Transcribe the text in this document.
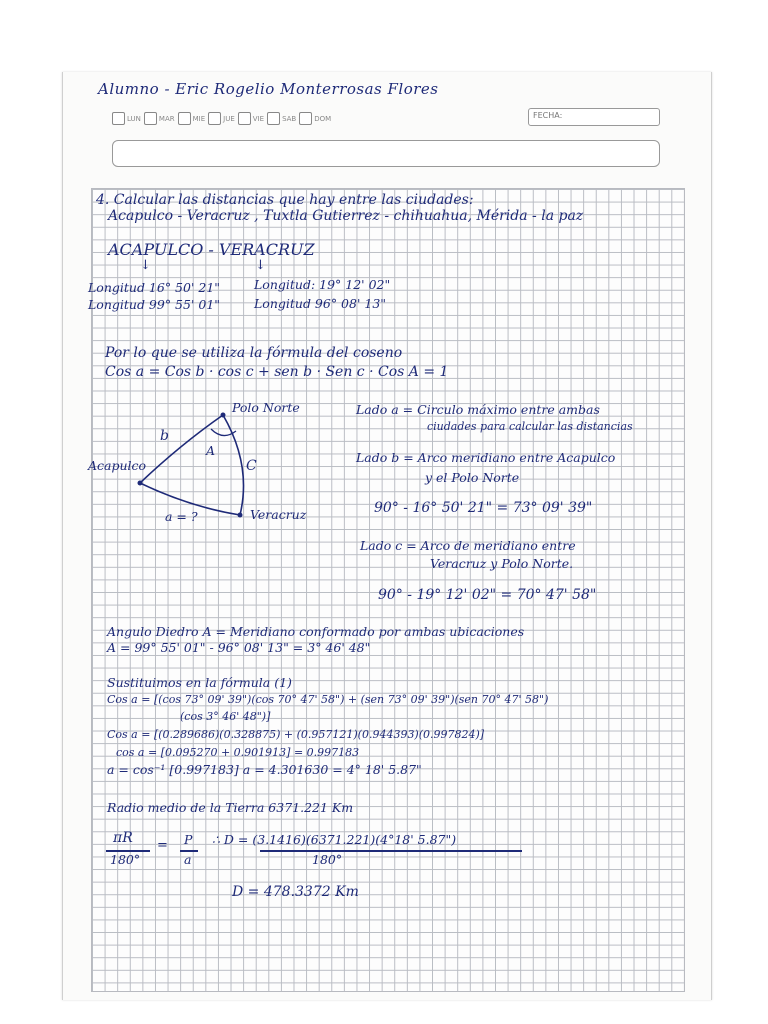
Alumno - Eric Rogelio Monterrosas Flores
LUN	MAR	MIE	JUE	VIE	SAB	DOM	FECHA:
4. Calcular las distancias que hay entre las ciudades:
Acapulco - Veracruz , Tuxtla Gutierrez - chihuahua, Mérida - la paz
ACAPULCO - VERACRUZ
↓	↓
Longitud 16° 50' 21"
Longitud 99° 55' 01"
Longitud: 19° 12' 02"
Longitud 96° 08' 13"
Por lo que se utiliza la fórmula del coseno
Cos a = Cos b · cos c + sen b · Sen c · Cos A = 1
Polo Norte
Acapulco
Veracruz
b
C
A
a = ?
Lado a = Circulo máximo entre ambas
ciudades para calcular las distancias
Lado b = Arco meridiano entre Acapulco
y el Polo Norte
90° - 16° 50' 21" = 73° 09' 39"
Lado c = Arco de meridiano entre
Veracruz y Polo Norte.
90° - 19° 12' 02" = 70° 47' 58"
Angulo Diedro A = Meridiano conformado por ambas ubicaciones
A = 99° 55' 01" - 96° 08' 13" = 3° 46' 48"
Sustituimos en la fórmula (1)
Cos a = [(cos 73° 09' 39")(cos 70° 47' 58") + (sen 73° 09' 39")(sen 70° 47' 58")
(cos 3° 46' 48")]
Cos a = [(0.289686)(0.328875) + (0.957121)(0.944393)(0.997824)]
cos a = [0.095270 + 0.901913] = 0.997183
a = cos⁻¹ [0.997183] a = 4.301630 = 4° 18' 5.87"
Radio medio de la Tierra 6371.221 Km
πR
180°
= P
a
∴ D = (3.1416)(6371.221)(4°18' 5.87")
180°
D = 478.3372 Km
